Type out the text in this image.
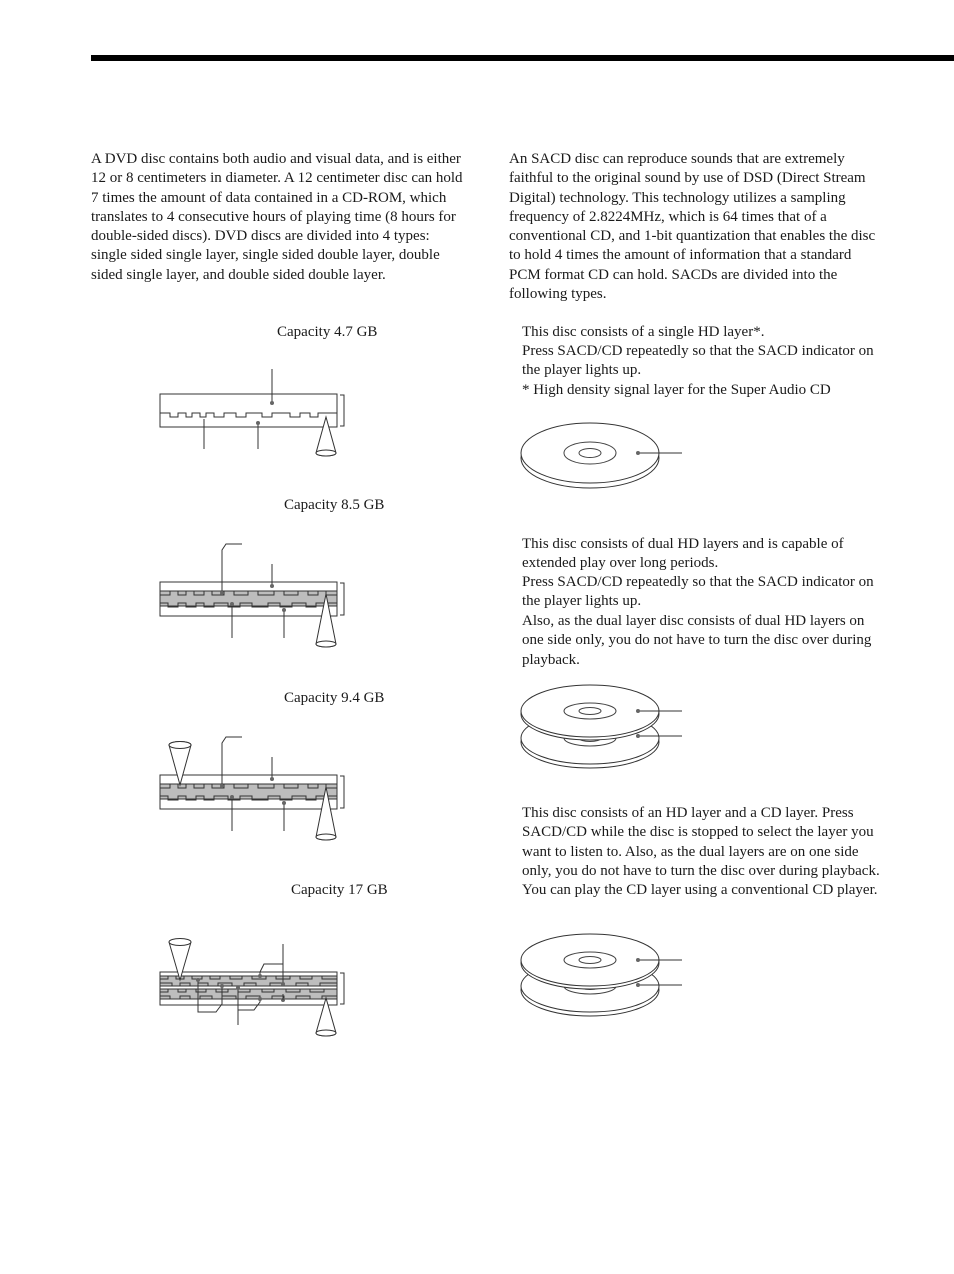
A DVD disc contains both audio and visual data, and is either 12 or 8 centimeters in diameter. A 12 centimeter disc can hold 7 times the amount of data contained in a CD-ROM, which translates to 4 consecutive hours of playing time (8 hours for double-sided discs). DVD discs are divided into 4 types: single sided single layer, single sided double layer, double sided single layer, and double sided double layer.

Capacity 4.7 GB
Capacity 8.5 GB
Capacity 9.4 GB
Capacity 17 GB

An SACD disc can reproduce sounds that are extremely faithful to the original sound by use of DSD (Direct Stream Digital) technology. This technology utilizes a sampling frequency of 2.8224MHz, which is 64 times that of a conventional CD, and 1-bit quantization that enables the disc to hold 4 times the amount of information that a standard PCM format CD can hold. SACDs are divided into the following types.

This disc consists of a single HD layer*.

Press SACD/CD repeatedly so that the SACD indicator on the player lights up.

* High density signal layer for the Super Audio CD

This disc consists of dual HD layers and is capable of extended play over long periods.

Press SACD/CD repeatedly so that the SACD indicator on the player lights up.

Also, as the dual layer disc consists of dual HD layers on one side only, you do not have to turn the disc over during playback.

This disc consists of an HD layer and a CD layer. Press SACD/CD while the disc is stopped to select the layer you want to listen to. Also, as the dual layers are on one side only, you do not have to turn the disc over during playback. You can play the CD layer using a conventional CD player.
